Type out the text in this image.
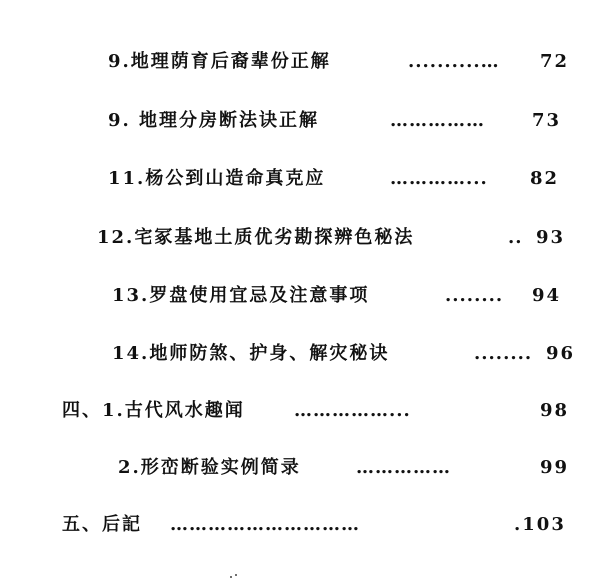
9.地理荫育后裔辈份正解	..........… 72
9. 地理分房断法诀正解	……………	73
11.杨公到山造命真克应	…………... 82
12.宅冢基地土质优劣勘探辨色秘法	.. 93
13.罗盘使用宜忌及注意事项	........ 94
14.地师防煞、护身、解灾秘诀	........ 96
四、1.古代风水趣闻	……………...	98
2.形峦断验实例简录	……………	99
五、后記 …………………………	.103
